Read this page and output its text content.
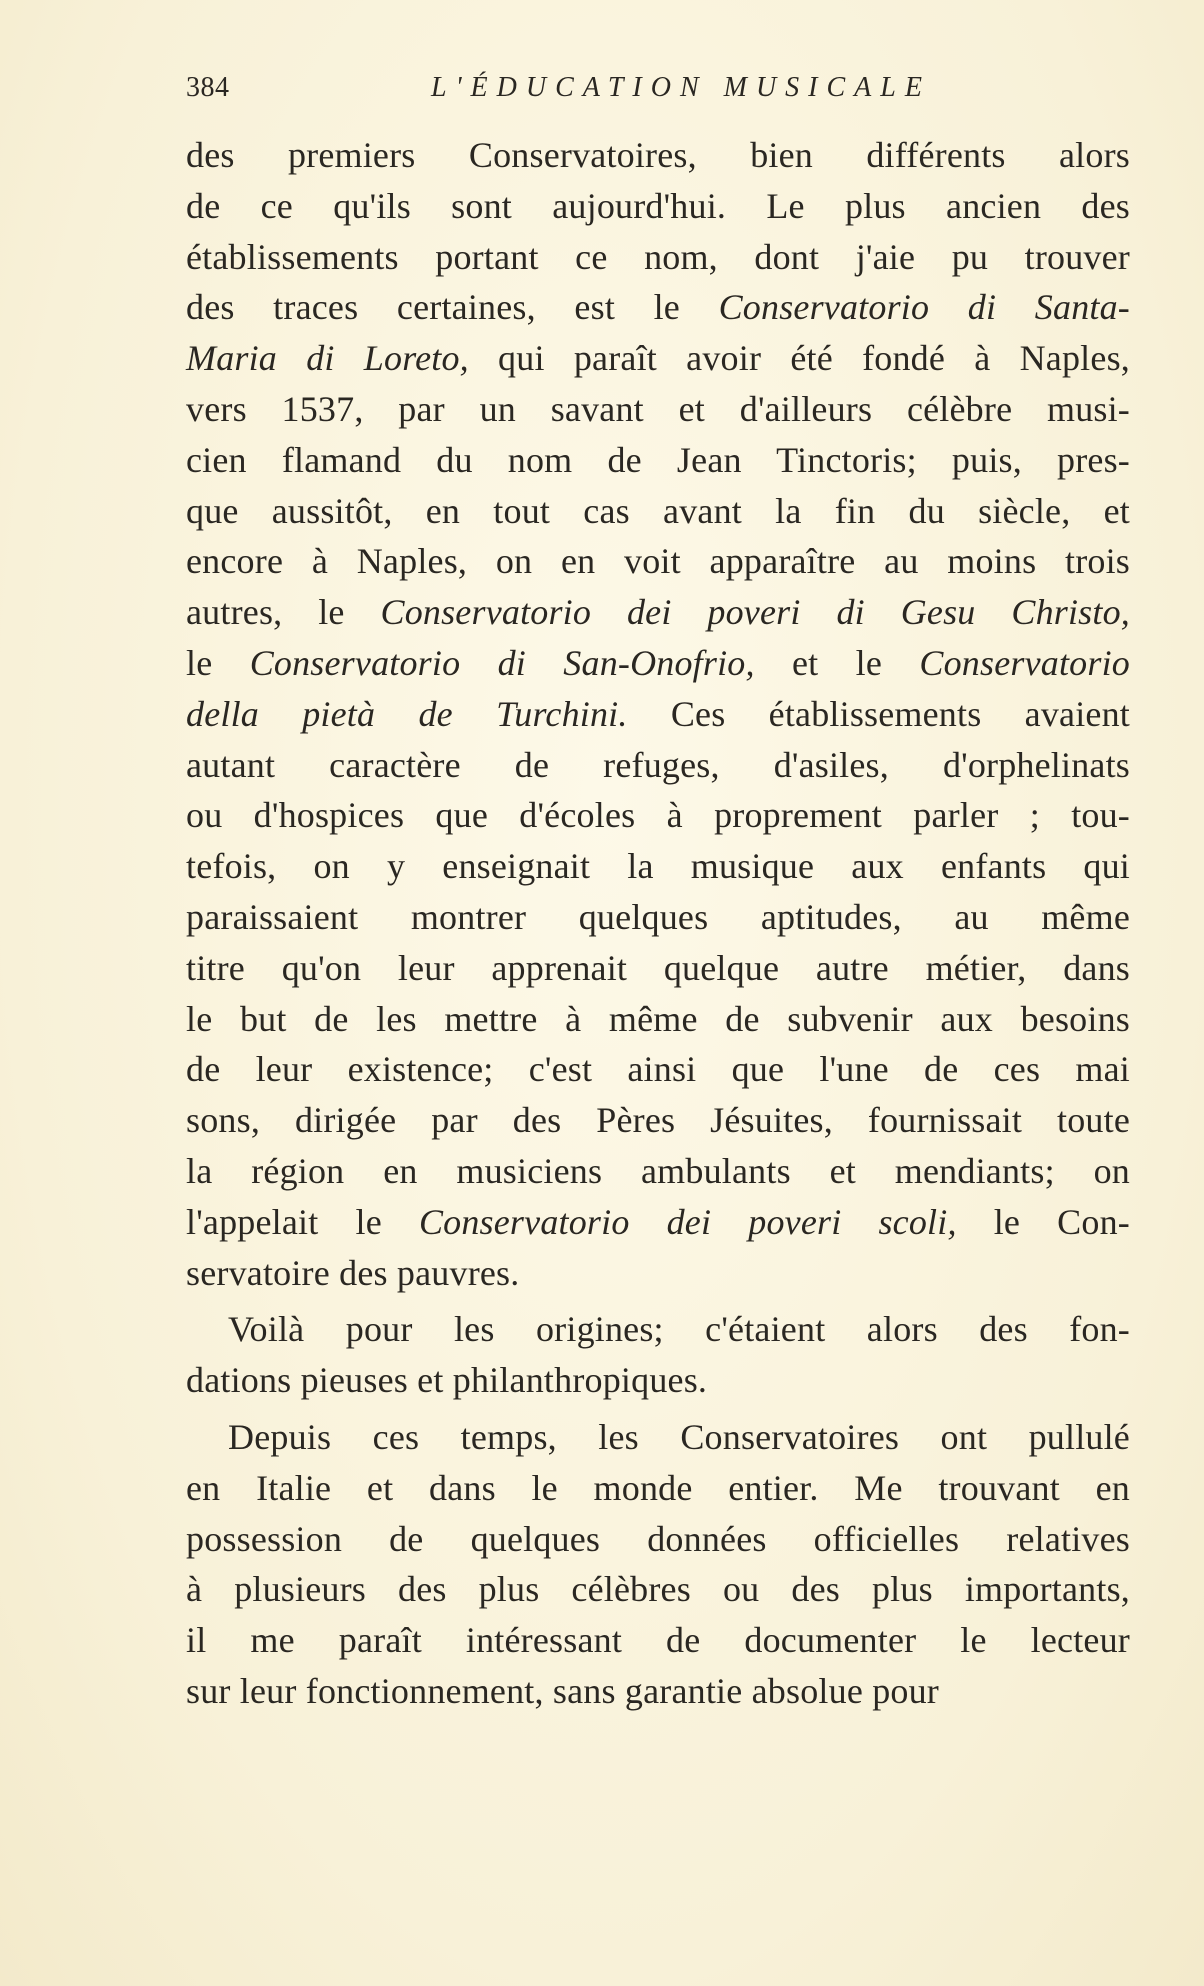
384	L'ÉDUCATION MUSICALE
des premiers Conservatoires, bien différents alors
de ce qu'ils sont aujourd'hui. Le plus ancien des
établissements portant ce nom, dont j'aie pu trouver
des traces certaines, est le Conservatorio di Santa-
Maria di Loreto, qui paraît avoir été fondé à Naples,
vers 1537, par un savant et d'ailleurs célèbre musi-
cien flamand du nom de Jean Tinctoris; puis, pres-
que aussitôt, en tout cas avant la fin du siècle, et
encore à Naples, on en voit apparaître au moins trois
autres, le Conservatorio dei poveri di Gesu Christo,
le Conservatorio di San-Onofrio, et le Conservatorio
della pietà de Turchini. Ces établissements avaient
autant caractère de refuges, d'asiles, d'orphelinats
ou d'hospices que d'écoles à proprement parler ; tou-
tefois, on y enseignait la musique aux enfants qui
paraissaient montrer quelques aptitudes, au même
titre qu'on leur apprenait quelque autre métier, dans
le but de les mettre à même de subvenir aux besoins
de leur existence; c'est ainsi que l'une de ces mai
sons, dirigée par des Pères Jésuites, fournissait toute
la région en musiciens ambulants et mendiants; on
l'appelait le Conservatorio dei poveri scoli, le Con-
servatoire des pauvres.
Voilà pour les origines; c'étaient alors des fon-
dations pieuses et philanthropiques.
Depuis ces temps, les Conservatoires ont pullulé
en Italie et dans le monde entier. Me trouvant en
possession de quelques données officielles relatives
à plusieurs des plus célèbres ou des plus importants,
il me paraît intéressant de documenter le lecteur
sur leur fonctionnement, sans garantie absolue pour
